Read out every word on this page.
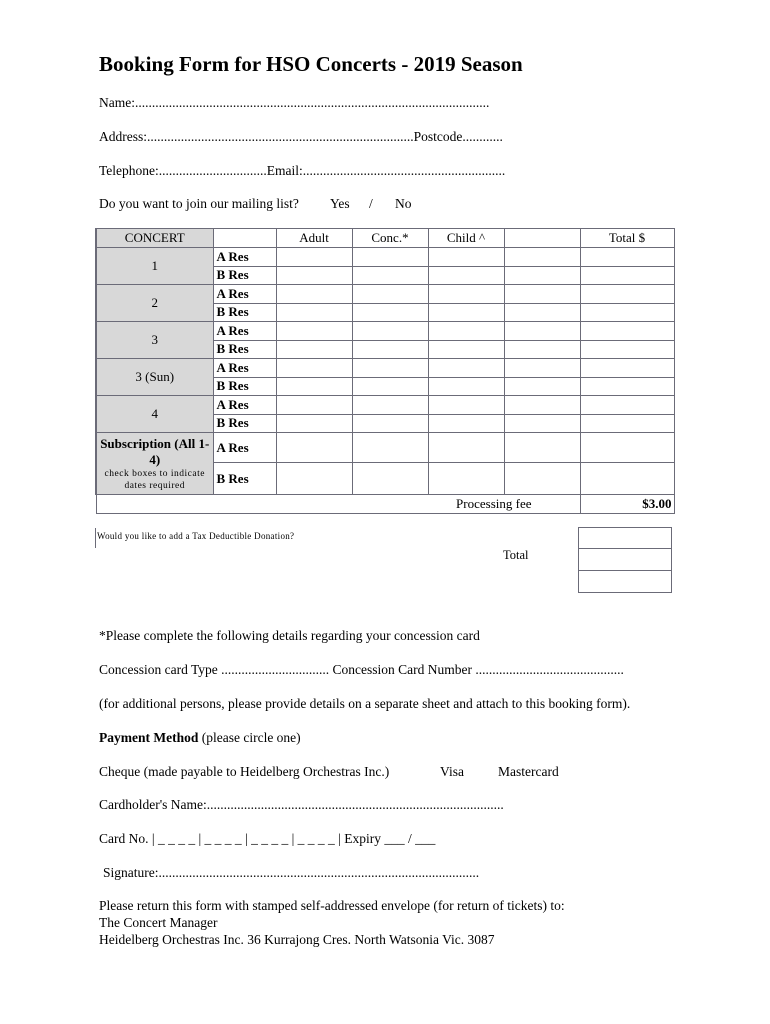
Booking Form for HSO Concerts - 2019 Season
Name:.........................................................................................................
Address:...............................................................................Postcode............
Telephone:................................Email:............................................................
Do you want to join our mailing list? Yes / No
CONCERT		Adult	Conc.*	Child ^		Total $
1	A Res					
	B Res					
2	A Res					
	B Res					
3	A Res					
	B Res					
3 (Sun)	A Res					
	B Res					
4	A Res					
	B Res					

Subscription (All 1-4)
check boxes to indicate dates required	A Res					
	B Res					
Processing fee						$3.00
Would you like to add a Tax Deductible Donation?
Total
*Please complete the following details regarding your concession card
Concession card Type ................................ Concession Card Number ............................................
(for additional persons, please provide details on a separate sheet and attach to this booking form).
Payment Method (please circle one)
Cheque (made payable to Heidelberg Orchestras Inc.)	Visa	Mastercard
Cardholder's Name:........................................................................................
Card No. | _ _ _ _ | _ _ _ _ | _ _ _ _ | _ _ _ _ | Expiry ___ / ___
Signature:...............................................................................................
Please return this form with stamped self-addressed envelope (for return of tickets) to:
The Concert Manager
Heidelberg Orchestras Inc. 36 Kurrajong Cres. North Watsonia Vic. 3087
